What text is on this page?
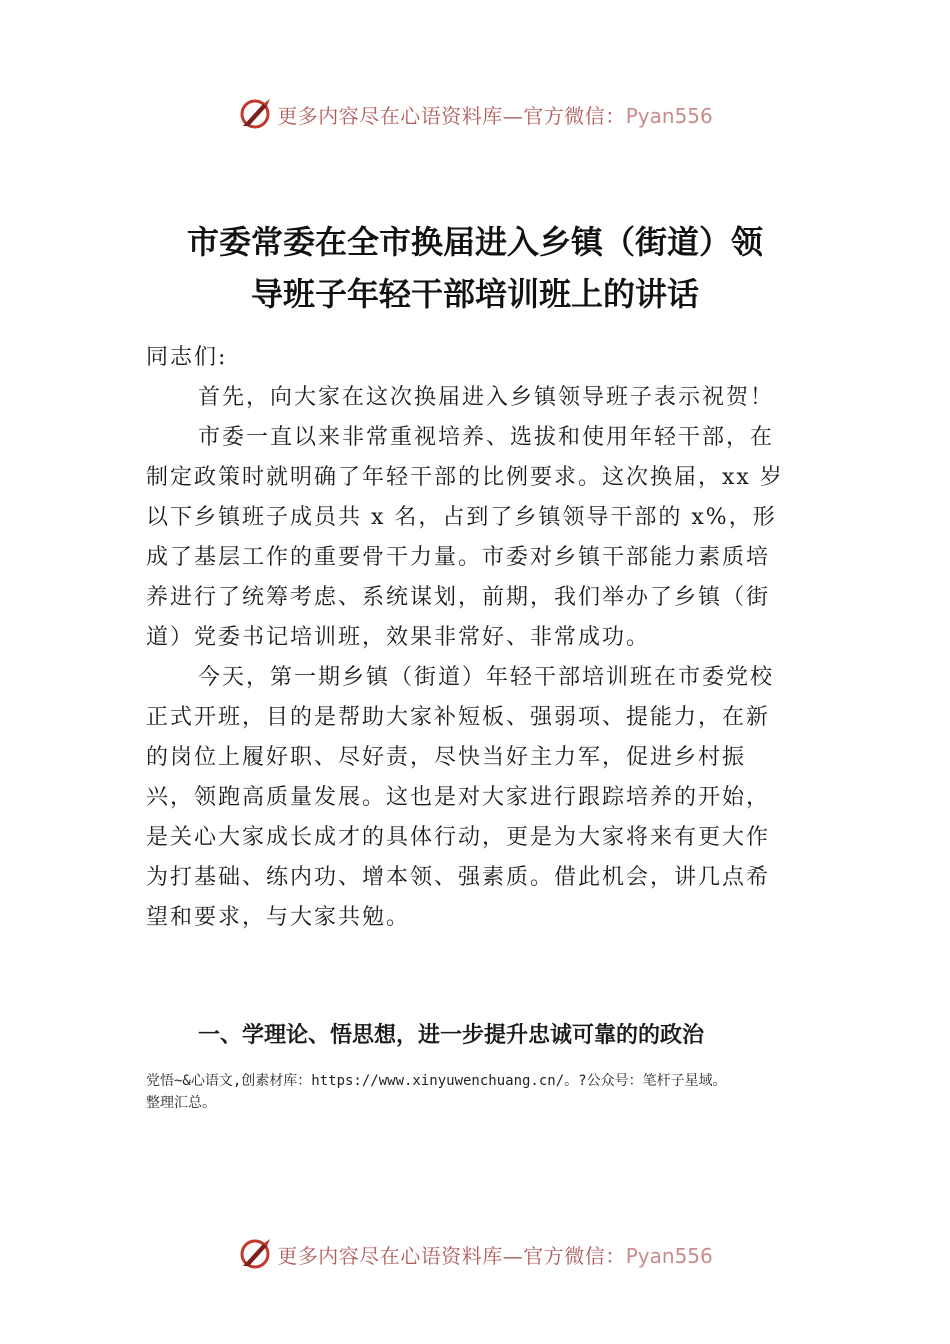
更多内容尽在心语资料库—官方微信：Pyan556
市委常委在全市换届进入乡镇（街道）领
导班子年轻干部培训班上的讲话

同志们:

首先，向大家在这次换届进入乡镇领导班子表示祝贺！

市委一直以来非常重视培养、选拔和使用年轻干部，在制定政策时就明确了年轻干部的比例要求。这次换届，xx 岁以下乡镇班子成员共 x 名，占到了乡镇领导干部的 x%，形成了基层工作的重要骨干力量。市委对乡镇干部能力素质培养进行了统筹考虑、系统谋划，前期，我们举办了乡镇（街道）党委书记培训班，效果非常好、非常成功。

今天，第一期乡镇（街道）年轻干部培训班在市委党校正式开班，目的是帮助大家补短板、强弱项、提能力，在新的岗位上履好职、尽好责，尽快当好主力军，促进乡村振兴，领跑高质量发展。这也是对大家进行跟踪培养的开始，是关心大家成长成才的具体行动，更是为大家将来有更大作为打基础、练内功、增本领、强素质。借此机会，讲几点希望和要求，与大家共勉。

一、学理论、悟思想，进一步提升忠诚可靠的的政治
党悟~&心语文,创素材库：https://www.xinyuwenchuang.cn/。?公众号：笔杆子星域。
整理汇总。
更多内容尽在心语资料库—官方微信：Pyan556
